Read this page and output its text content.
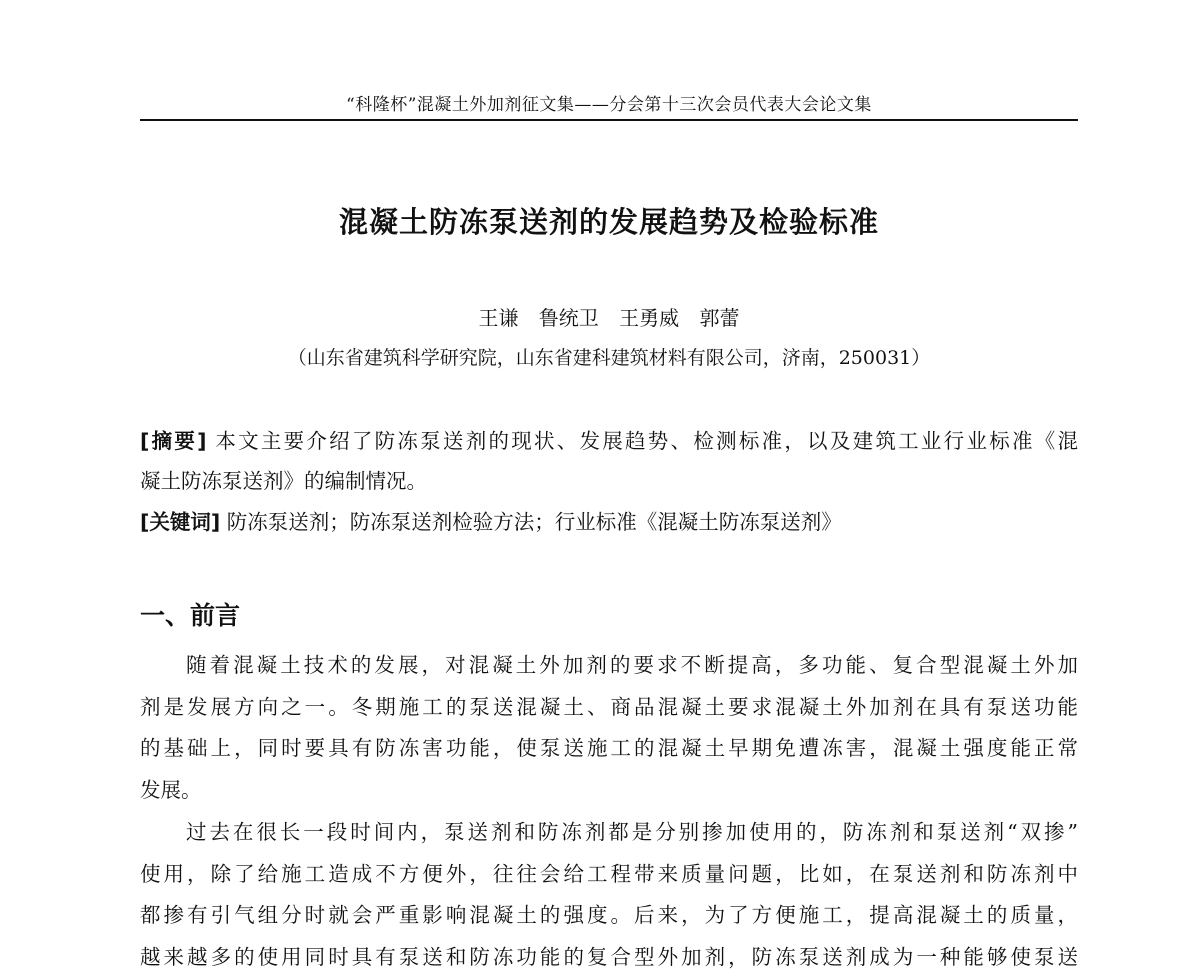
“科隆杯”混凝土外加剂征文集——分会第十三次会员代表大会论文集
混凝土防冻泵送剂的发展趋势及检验标准
王谦 鲁统卫 王勇威 郭蕾
（山东省建筑科学研究院，山东省建科建筑材料有限公司，济南，250031）
[摘要] 本文主要介绍了防冻泵送剂的现状、发展趋势、检测标准，以及建筑工业行业标准《混
凝土防冻泵送剂》的编制情况。
[关键词] 防冻泵送剂；防冻泵送剂检验方法；行业标准《混凝土防冻泵送剂》
一、前言
随着混凝土技术的发展，对混凝土外加剂的要求不断提高，多功能、复合型混凝土外加
剂是发展方向之一。冬期施工的泵送混凝土、商品混凝土要求混凝土外加剂在具有泵送功能
的基础上，同时要具有防冻害功能，使泵送施工的混凝土早期免遭冻害，混凝土强度能正常
发展。
过去在很长一段时间内，泵送剂和防冻剂都是分别掺加使用的，防冻剂和泵送剂“双掺”
使用，除了给施工造成不方便外，往往会给工程带来质量问题，比如，在泵送剂和防冻剂中
都掺有引气组分时就会严重影响混凝土的强度。后来，为了方便施工，提高混凝土的质量，
越来越多的使用同时具有泵送和防冻功能的复合型外加剂，防冻泵送剂成为一种能够使泵送
